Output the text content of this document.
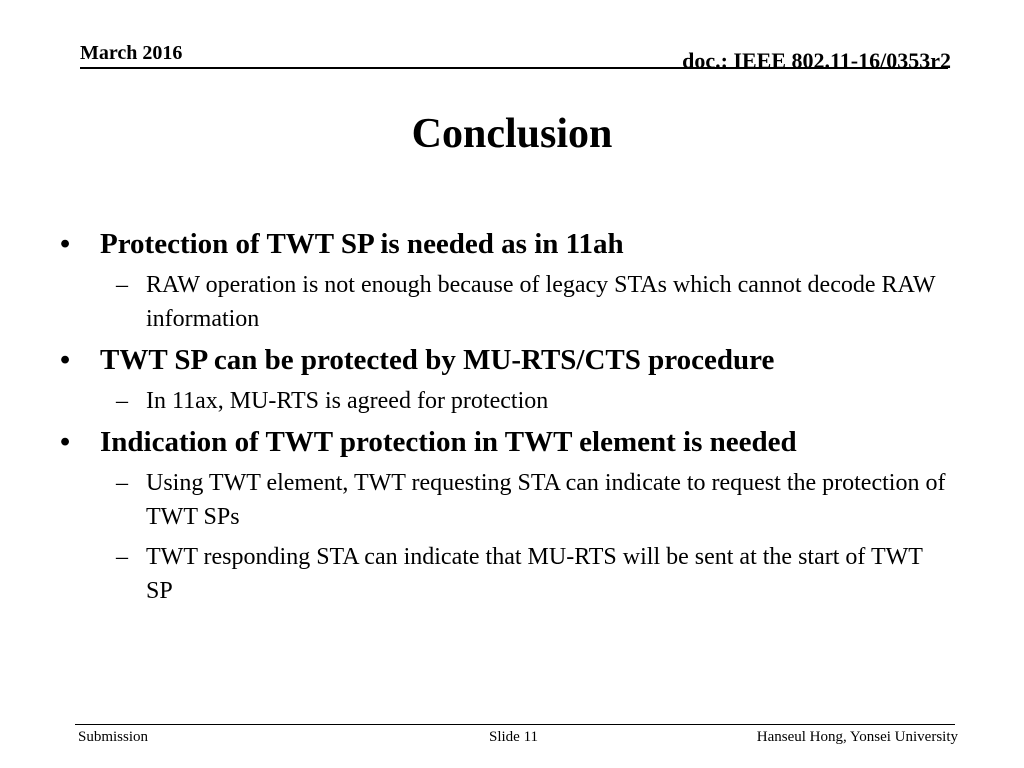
March 2016	doc.: IEEE 802.11-16/0353r2
Conclusion
•	Protection of TWT SP is needed as in 11ah
– RAW operation is not enough because of legacy STAs which cannot decode RAW information
•	TWT SP can be protected by MU-RTS/CTS procedure
– In 11ax, MU-RTS is agreed for protection
•	Indication of TWT protection in TWT element is needed
– Using TWT element, TWT requesting STA can indicate to request the protection of TWT SPs
– TWT responding STA can indicate that MU-RTS will be sent at the start of TWT SP
Submission	Slide 11	Hanseul Hong, Yonsei University
